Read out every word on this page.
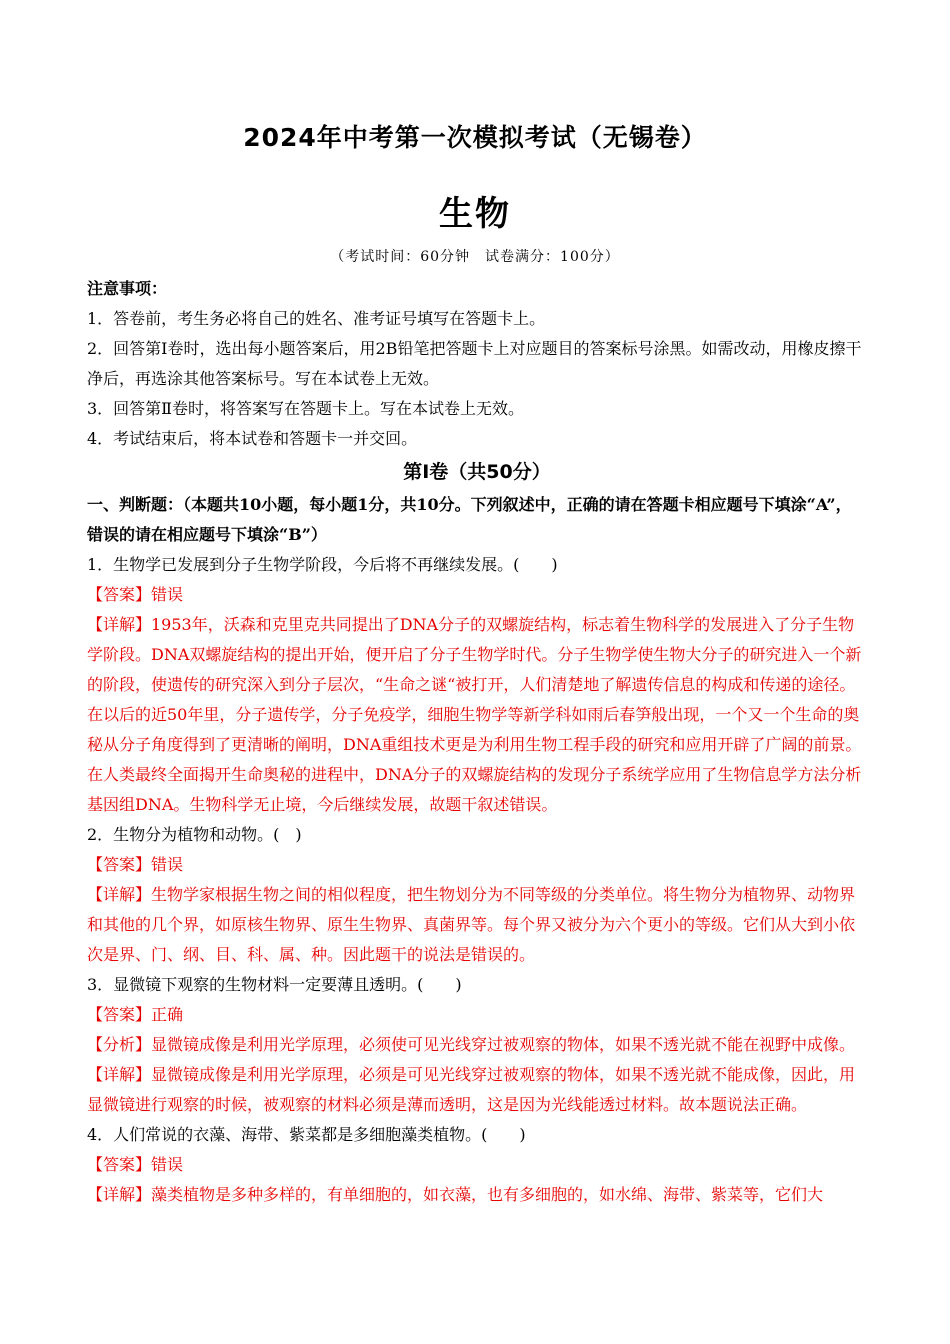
2024年中考第一次模拟考试（无锡卷）
生物
（考试时间：60分钟　试卷满分：100分）

注意事项：

1．答卷前，考生务必将自己的姓名、准考证号填写在答题卡上。

2．回答第Ⅰ卷时，选出每小题答案后，用2B铅笔把答题卡上对应题目的答案标号涂黑。如需改动，用橡皮擦干净后，再选涂其他答案标号。写在本试卷上无效。

3．回答第Ⅱ卷时，将答案写在答题卡上。写在本试卷上无效。

4．考试结束后，将本试卷和答题卡一并交回。

第Ⅰ卷（共50分）

一、判断题：（本题共10小题，每小题1分，共10分。下列叙述中，正确的请在答题卡相应题号下填涂“A”，错误的请在相应题号下填涂“B”）

1．生物学已发展到分子生物学阶段，今后将不再继续发展。(　　)

【答案】错误

【详解】1953年，沃森和克里克共同提出了DNA分子的双螺旋结构，标志着生物科学的发展进入了分子生物学阶段。DNA双螺旋结构的提出开始，便开启了分子生物学时代。分子生物学使生物大分子的研究进入一个新的阶段，使遗传的研究深入到分子层次，“生命之谜“被打开，人们清楚地了解遗传信息的构成和传递的途径。在以后的近50年里，分子遗传学，分子免疫学，细胞生物学等新学科如雨后春笋般出现，一个又一个生命的奥秘从分子角度得到了更清晰的阐明，DNA重组技术更是为利用生物工程手段的研究和应用开辟了广阔的前景。在人类最终全面揭开生命奥秘的进程中，DNA分子的双螺旋结构的发现分子系统学应用了生物信息学方法分析基因组DNA。生物科学无止境，今后继续发展，故题干叙述错误。

2．生物分为植物和动物。(　)

【答案】错误

【详解】生物学家根据生物之间的相似程度，把生物划分为不同等级的分类单位。将生物分为植物界、动物界和其他的几个界，如原核生物界、原生生物界、真菌界等。每个界又被分为六个更小的等级。它们从大到小依次是界、门、纲、目、科、属、种。因此题干的说法是错误的。

3．显微镜下观察的生物材料一定要薄且透明。(　　)

【答案】正确

【分析】显微镜成像是利用光学原理，必须使可见光线穿过被观察的物体，如果不透光就不能在视野中成像。

【详解】显微镜成像是利用光学原理，必须是可见光线穿过被观察的物体，如果不透光就不能成像，因此，用显微镜进行观察的时候，被观察的材料必须是薄而透明，这是因为光线能透过材料。故本题说法正确。

4．人们常说的衣藻、海带、紫菜都是多细胞藻类植物。(　　)

【答案】错误

【详解】藻类植物是多种多样的，有单细胞的，如衣藻，也有多细胞的，如水绵、海带、紫菜等，它们大
